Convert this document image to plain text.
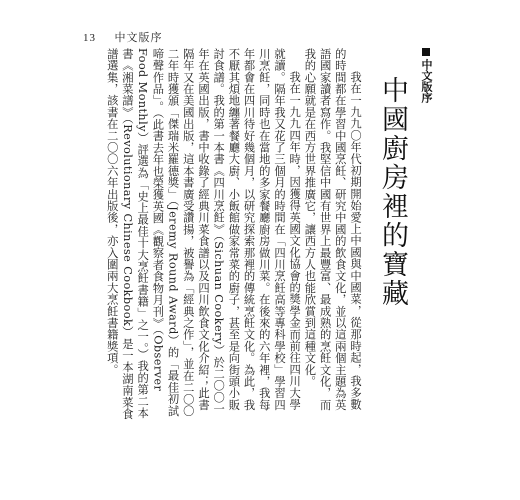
13 中文版序
中文版序
中國廚房裡的寶藏

我在一九九〇年代初期開始愛上中國與中國菜，從那時起，我多數的時間都在學習中國烹飪、研究中國的飲食文化，並以這兩個主題為英語國家讀者寫作。我堅信中國有世界上最豐富、最成熟的烹飪文化，而我的心願就是在西方世界推廣它，讓西方人也能欣賞到這種文化。

我在一九九四年時，因獲得英國文化協會的獎學金而前往四川大學就讀。隔年我又花了三個月的時間在「四川烹飪高等專科學校」學習四川烹飪，同時也在當地的多家餐廳廚房做川菜。在後來的六年裡，我每年都會在四川待好幾個月，以研究探索那裡的傳統烹飪文化。為此，我不厭其煩地纏著餐廳大廚、小飯館做家常菜的廚子，甚至是向街頭小販討食譜。我的第一本書《四川烹飪》（Sichuan Cookery）於二〇〇一年在英國出版，書中收錄了經典川菜食譜以及四川飲食文化介紹；此書隔年又在美國出版，這本書廣受讚揚，被譽為「經典之作」，並在二〇〇二年時獲頒「傑瑞米羅德獎」（Jeremy Round Award）的「最佳初試啼聲作品」。（此書去年也榮獲英國《觀察者食物月刊》（Observer Food Monthly）評選為「史上最佳十大烹飪書籍」之一。）我的第二本書《湘菜譜》（Revolutionary Chinese Cookbook）是一本湖南菜食譜選集，該書在二〇〇六年出版後，亦入圍兩大烹飪書籍獎項。
